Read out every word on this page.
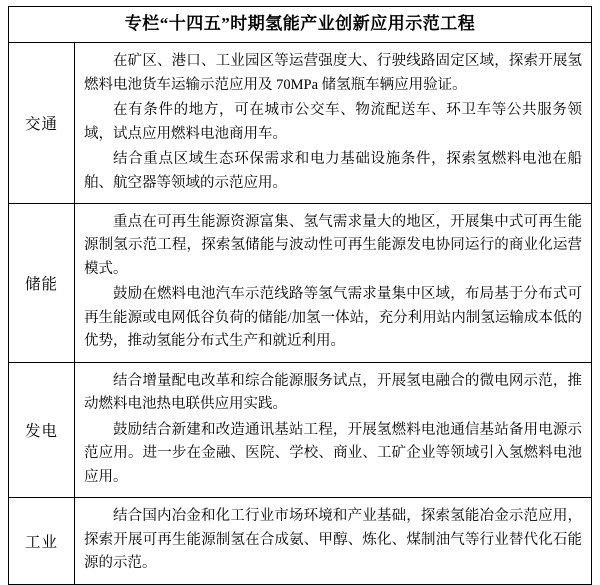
专栏“十四五”时期氢能产业创新应用示范工程	
交通	在矿区、港口、工业园区等运营强度大、行驶线路固定区域，探索开展氢燃料电池货车运输示范应用及 70MPa 储氢瓶车辆应用验证。

在有条件的地方，可在城市公交车、物流配送车、环卫车等公共服务领域，试点应用燃料电池商用车。

结合重点区域生态环保需求和电力基础设施条件，探索氢燃料电池在船舶、航空器等领域的示范应用。

储能	重点在可再生能源资源富集、氢气需求量大的地区，开展集中式可再生能源制氢示范工程，探索氢储能与波动性可再生能源发电协同运行的商业化运营模式。

鼓励在燃料电池汽车示范线路等氢气需求量集中区域，布局基于分布式可再生能源或电网低谷负荷的储能/加氢一体站，充分利用站内制氢运输成本低的优势，推动氢能分布式生产和就近利用。

发电	结合增量配电改革和综合能源服务试点，开展氢电融合的微电网示范，推动燃料电池热电联供应用实践。

鼓励结合新建和改造通讯基站工程，开展氢燃料电池通信基站备用电源示范应用。进一步在金融、医院、学校、商业、工矿企业等领域引入氢燃料电池应用。

工业	结合国内冶金和化工行业市场环境和产业基础，探索氢能冶金示范应用，探索开展可再生能源制氢在合成氨、甲醇、炼化、煤制油气等行业替代化石能源的示范。
